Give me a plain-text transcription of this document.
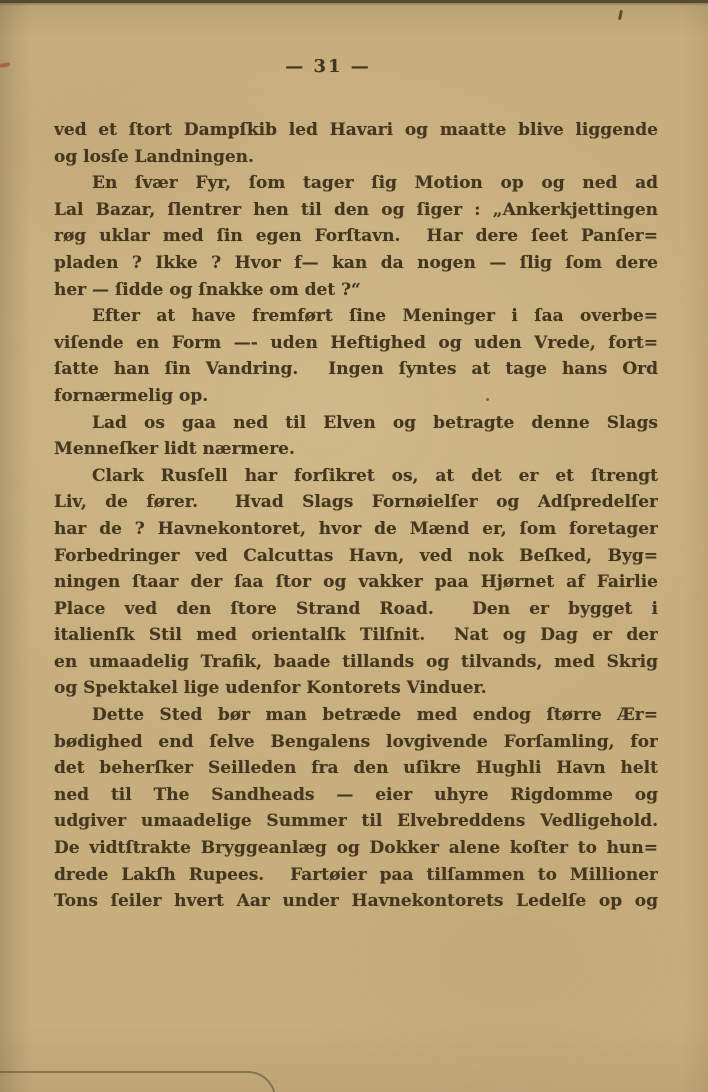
— 31 —
ved et ſtort Dampſkib led Havari og maatte blive liggende
og losſe Landningen.
En ſvær Fyr, ſom tager ſig Motion op og ned ad
Lal Bazar, ſlentrer hen til den og ſiger : „Ankerkjettingen
røg uklar med ſin egen Forſtavn.  Har dere ſeet Panſer=
pladen ? Ikke ? Hvor f— kan da nogen — ſlig ſom dere
her — ſidde og ſnakke om det ?“
Efter at have fremført ſine Meninger i ſaa overbe=
viſende en Form —- uden Heftighed og uden Vrede, fort=
ſatte han ſin Vandring.  Ingen ſyntes at tage hans Ord
fornærmelig op.
Lad os gaa ned til Elven og betragte denne Slags
Menneſker lidt nærmere.
Clark Rusſell har forſikret os, at det er et ſtrengt
Liv, de fører.  Hvad Slags Fornøielſer og Adſpredelſer
har de ? Havnekontoret, hvor de Mænd er, ſom foretager
Forbedringer ved Calcuttas Havn, ved nok Beſked, Byg=
ningen ſtaar der ſaa ſtor og vakker paa Hjørnet af Fairlie
Place ved den ſtore Strand Road.  Den er bygget i
italienſk Stil med orientalſk Tilſnit.  Nat og Dag er der
en umaadelig Trafik, baade tillands og tilvands, med Skrig
og Spektakel lige udenfor Kontorets Vinduer.
Dette Sted bør man betræde med endog ſtørre Ær=
bødighed end ſelve Bengalens lovgivende Forſamling, for
det beherſker Seilleden fra den uſikre Hughli Havn helt
ned til The Sandheads — eier uhyre Rigdomme og
udgiver umaadelige Summer til Elvebreddens Vedligehold.
De vidtſtrakte Bryggeanlæg og Dokker alene koſter to hun=
drede Lakſh Rupees.  Fartøier paa tilſammen to Millioner
Tons ſeiler hvert Aar under Havnekontorets Ledelſe op og
